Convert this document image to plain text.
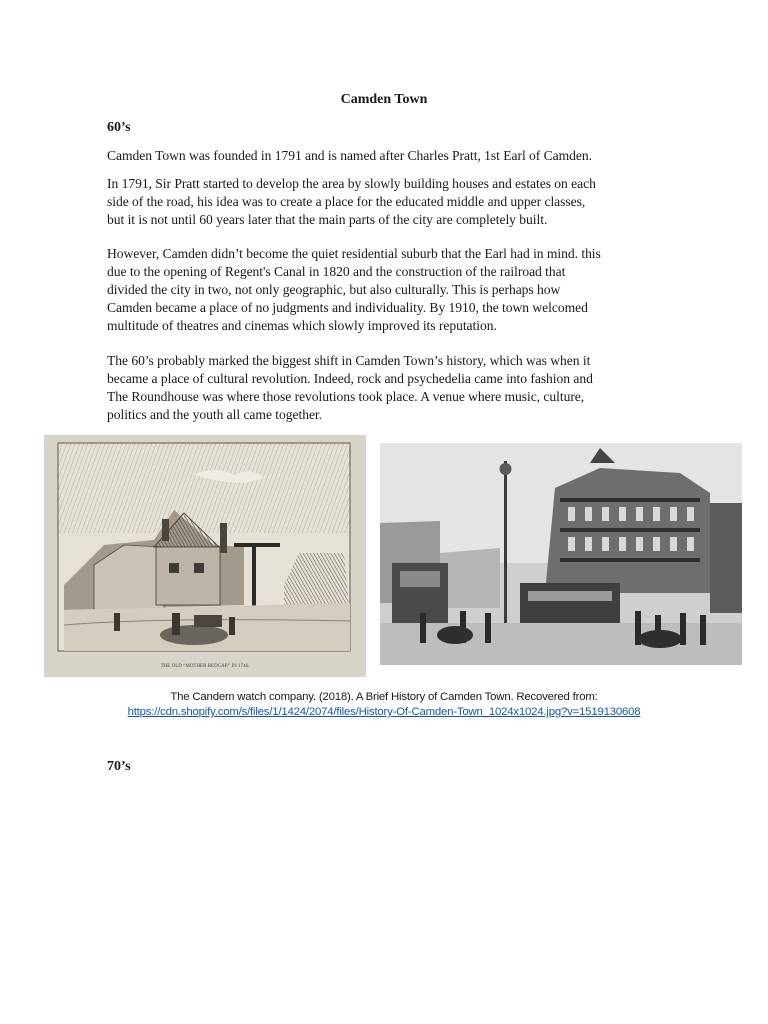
Camden Town
60’s

Camden Town was founded in 1791 and is named after Charles Pratt, 1st Earl of Camden.

In 1791, Sir Pratt started to develop the area by slowly building houses and estates on each
side of the road, his idea was to create a place for the educated middle and upper classes,
but it is not until 60 years later that the main parts of the city are completely built.

However, Camden didn’t become the quiet residential suburb that the Earl had in mind. this
due to the opening of Regent's Canal in 1820 and the construction of the railroad that
divided the city in two, not only geographic, but also culturally. This is perhaps how
Camden became a place of no judgments and individuality. By 1910, the town welcomed
multitude of theatres and cinemas which slowly improved its reputation.

The 60’s probably marked the biggest shift in Camden Town’s history, which was when it
became a place of cultural revolution. Indeed, rock and psychedelia came into fashion and
The Roundhouse was where those revolutions took place. A venue where music, culture,
politics and the youth all came together.

THE OLD “MOTHER REDCAP,” IN 1746.
The Candem watch company. (2018). A Brief History of Camden Town. Recovered from:
https://cdn.shopify.com/s/files/1/1424/2074/files/History-Of-Camden-Town_1024x1024.jpg?v=1519130608
70’s
